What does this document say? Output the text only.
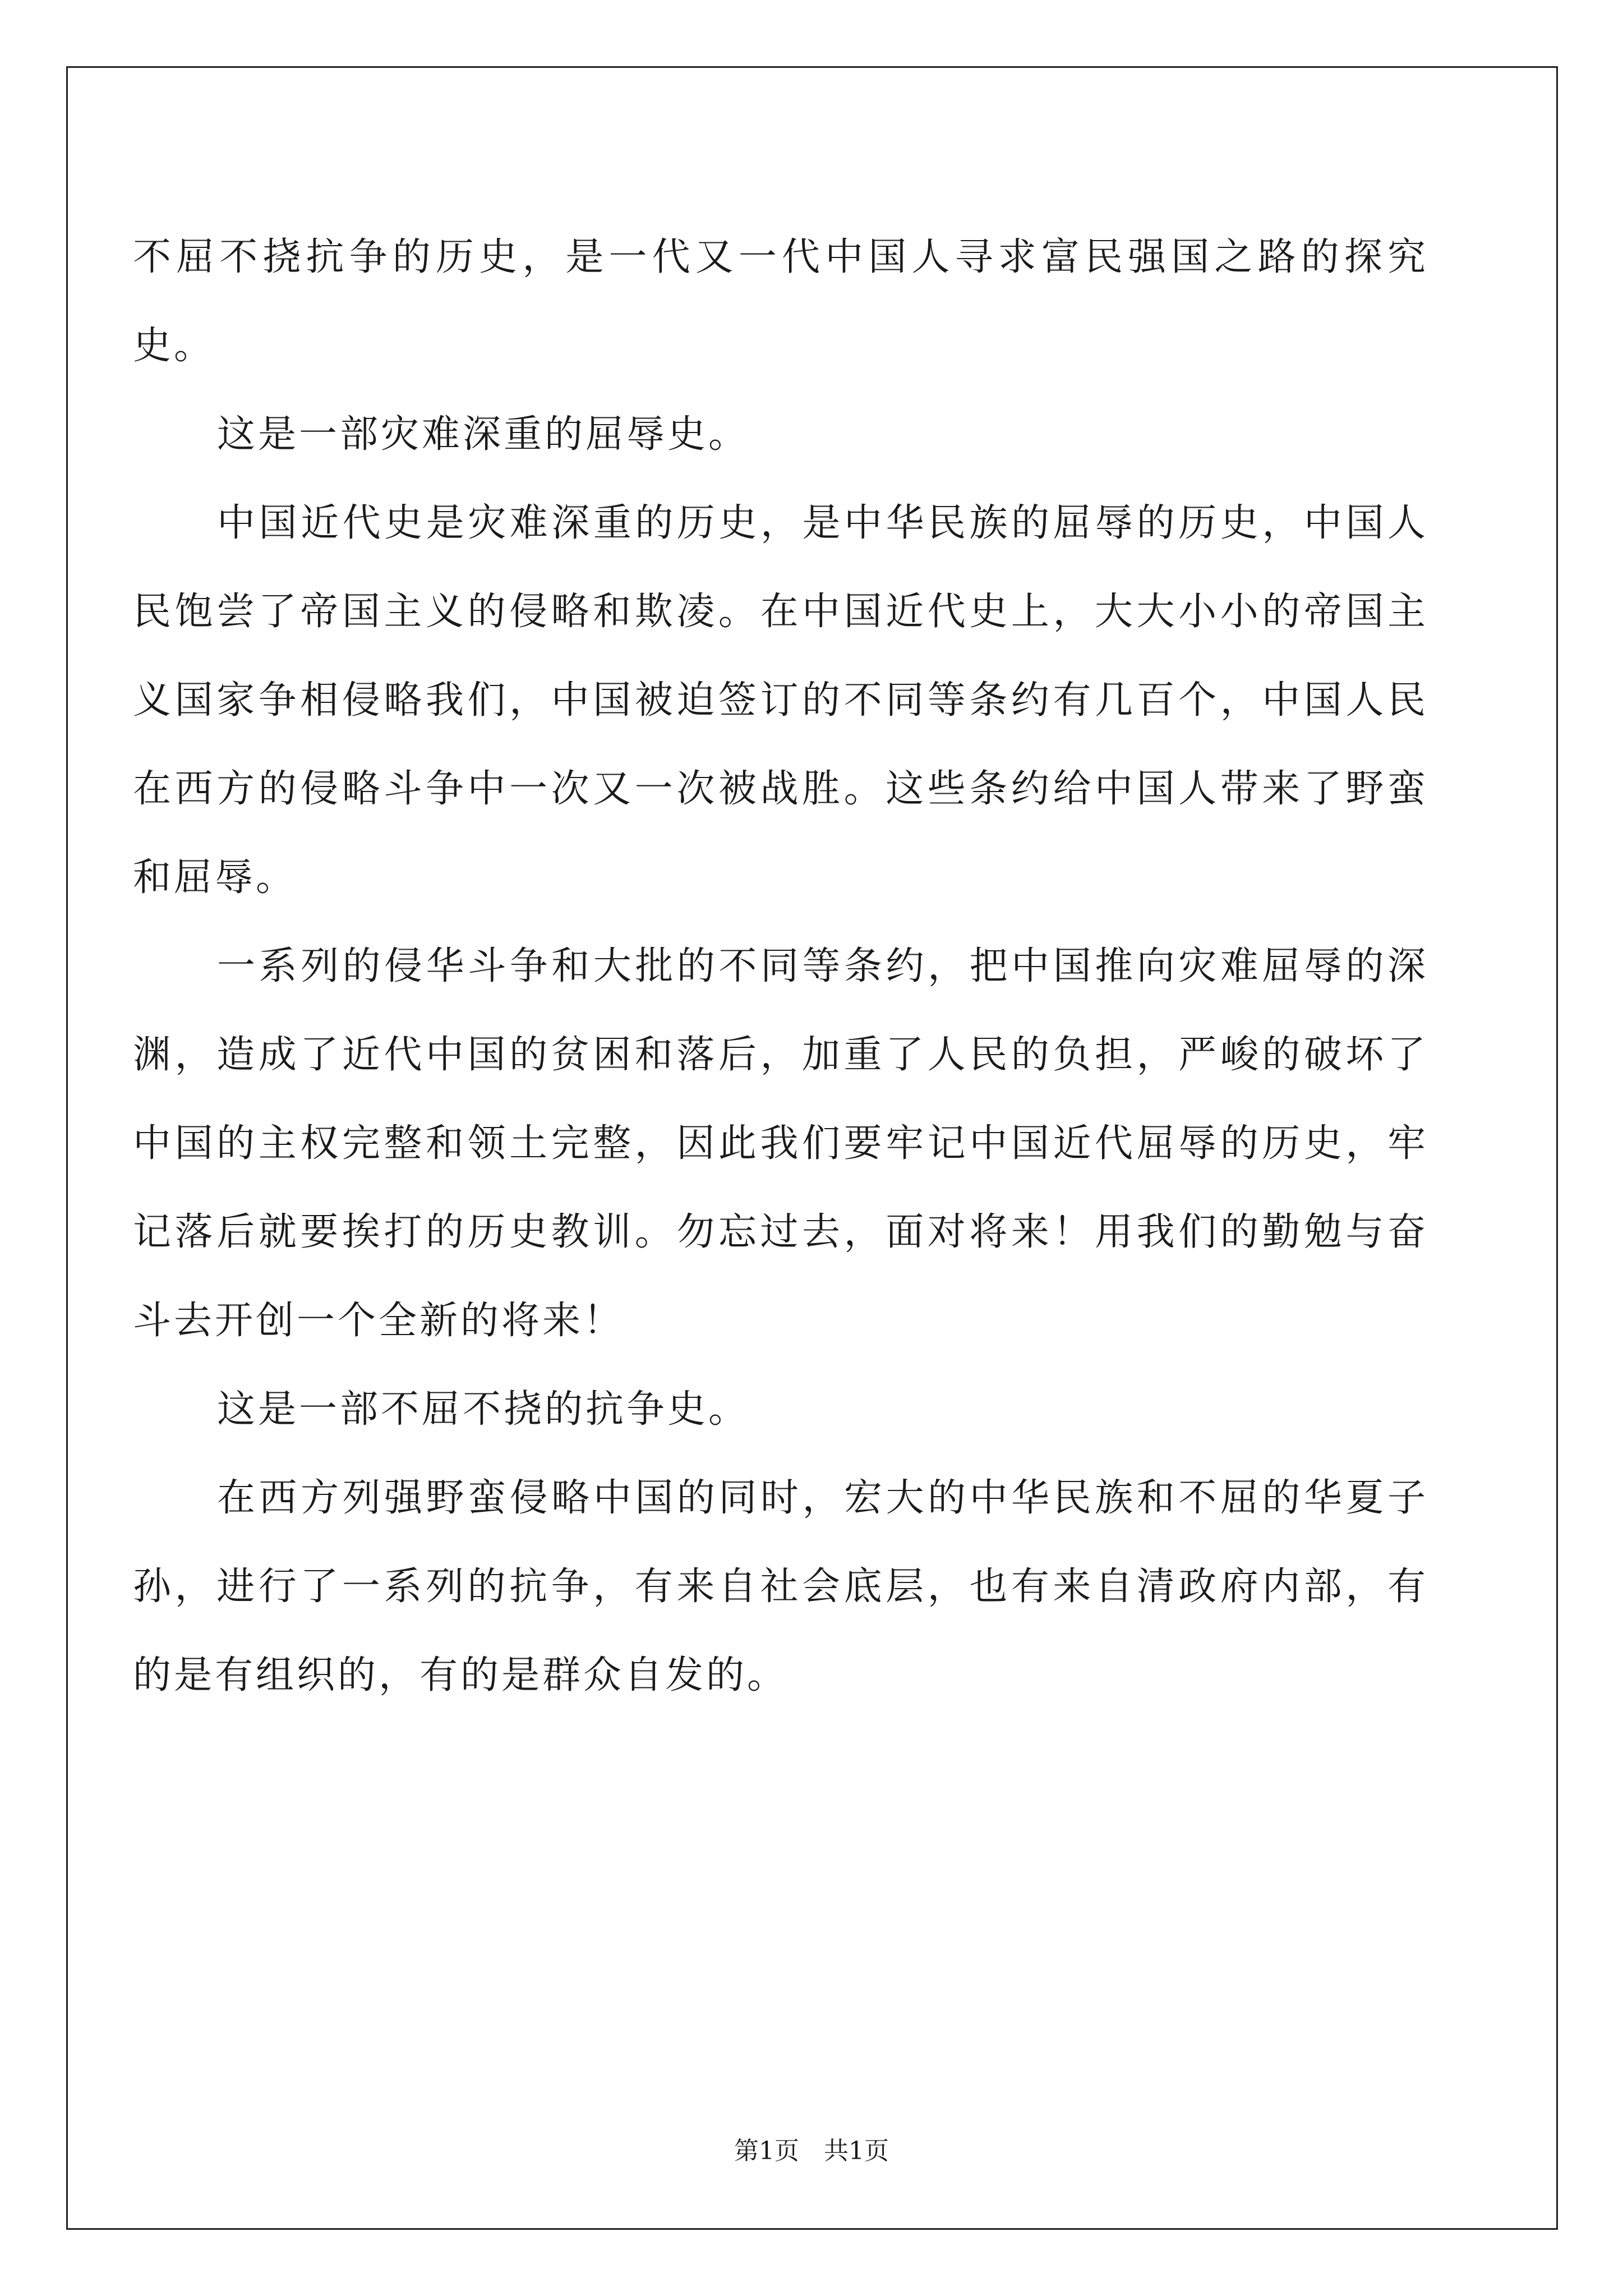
不屈不挠抗争的历史，是一代又一代中国人寻求富民强国之路的探究史。

这是一部灾难深重的屈辱史。

中国近代史是灾难深重的历史，是中华民族的屈辱的历史，中国人民饱尝了帝国主义的侵略和欺凌。在中国近代史上，大大小小的帝国主义国家争相侵略我们，中国被迫签订的不同等条约有几百个，中国人民在西方的侵略斗争中一次又一次被战胜。这些条约给中国人带来了野蛮和屈辱。

一系列的侵华斗争和大批的不同等条约，把中国推向灾难屈辱的深渊，造成了近代中国的贫困和落后，加重了人民的负担，严峻的破坏了中国的主权完整和领土完整，因此我们要牢记中国近代屈辱的历史，牢记落后就要挨打的历史教训。勿忘过去，面对将来！用我们的勤勉与奋斗去开创一个全新的将来！

这是一部不屈不挠的抗争史。

在西方列强野蛮侵略中国的同时，宏大的中华民族和不屈的华夏子孙，进行了一系列的抗争，有来自社会底层，也有来自清政府内部，有的是有组织的，有的是群众自发的。

第1页　共1页
